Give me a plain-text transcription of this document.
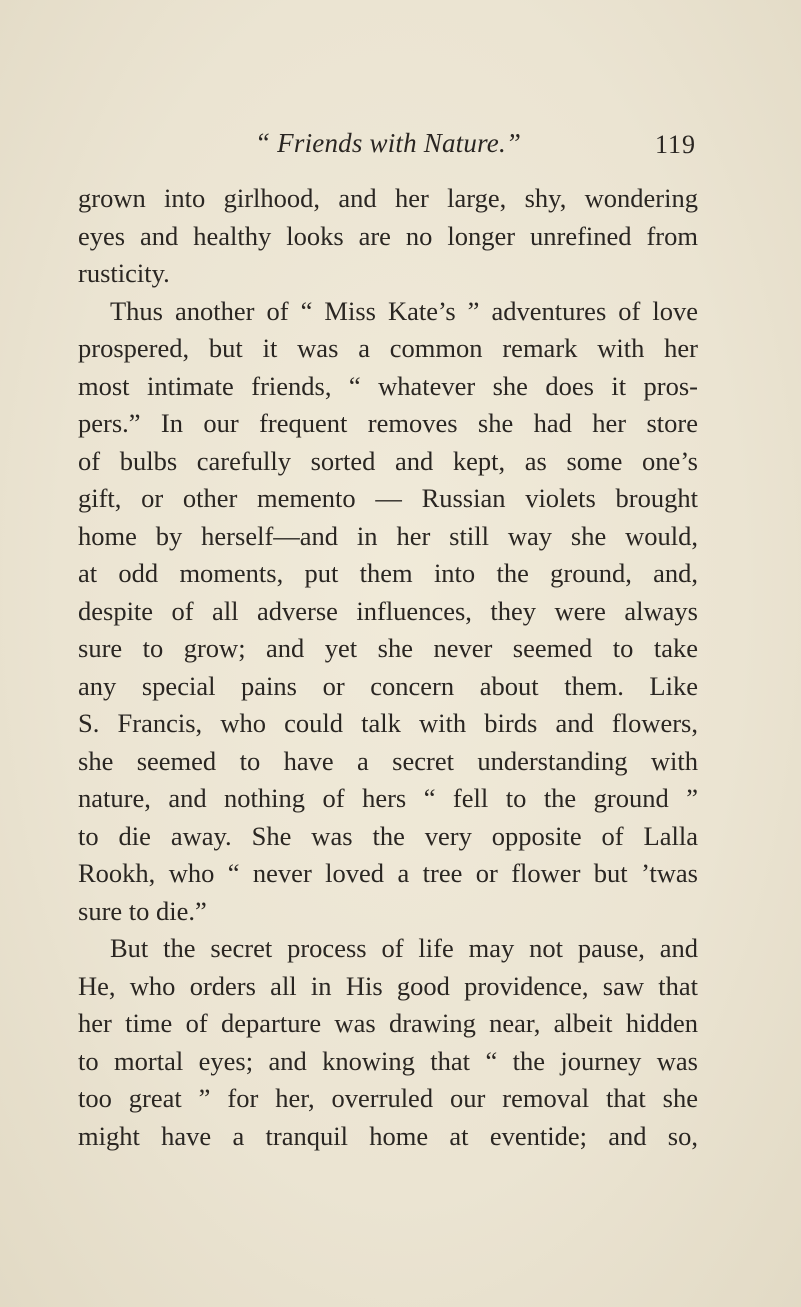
“ Friends with Nature.”	119
grown into girlhood, and her large, shy, wondering
eyes and healthy looks are no longer unrefined from
rusticity.
Thus another of “ Miss Kate’s ” adventures of love
prospered, but it was a common remark with her
most intimate friends, “ whatever she does it pros-
pers.” In our frequent removes she had her store
of bulbs carefully sorted and kept, as some one’s
gift, or other memento — Russian violets brought
home by herself—and in her still way she would,
at odd moments, put them into the ground, and,
despite of all adverse influences, they were always
sure to grow; and yet she never seemed to take
any special pains or concern about them. Like
S. Francis, who could talk with birds and flowers,
she seemed to have a secret understanding with
nature, and nothing of hers “ fell to the ground ”
to die away. She was the very opposite of Lalla
Rookh, who “ never loved a tree or flower but ’twas
sure to die.”
But the secret process of life may not pause, and
He, who orders all in His good providence, saw that
her time of departure was drawing near, albeit hidden
to mortal eyes; and knowing that “ the journey was
too great ” for her, overruled our removal that she
might have a tranquil home at eventide; and so,
